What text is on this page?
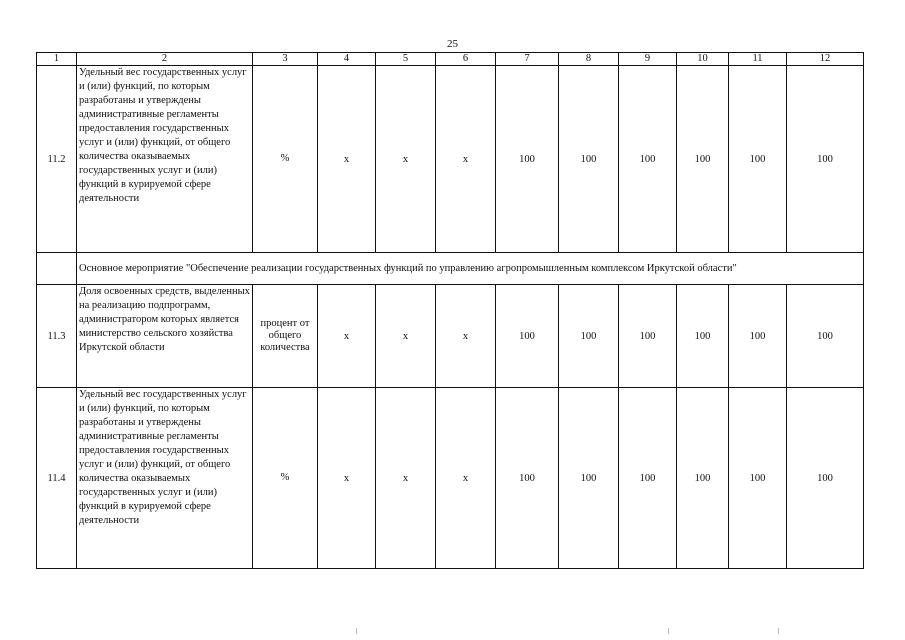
25
1	2	3	4	5	6	7	8	9	10	11	12
11.2	Удельный вес государственных услуг и (или) функций, по которым разработаны и утверждены административные регламенты предоставления государственных услуг и (или) функций, от общего количества оказываемых государственных услуг и (или) функций в курируемой сфере деятельности	%	x	x	x	100	100	100	100	100	100
	Основное мероприятие "Обеспечение реализации государственных функций по управлению агропромышленным комплексом Иркутской области"										
11.3	Доля освоенных средств, выделенных на реализацию подпрограмм, администратором которых является министерство сельского хозяйства Иркутской области	процент от общего количества	x	x	x	100	100	100	100	100	100
11.4	Удельный вес государственных услуг и (или) функций, по которым разработаны и утверждены административные регламенты предоставления государственных услуг и (или) функций, от общего количества оказываемых государственных услуг и (или) функций в курируемой сфере деятельности	%	x	x	x	100	100	100	100	100	100
